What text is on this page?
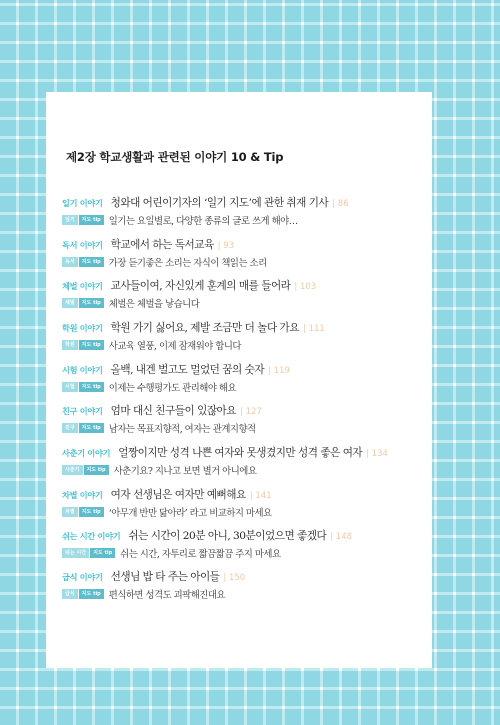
제2장 학교생활과 관련된 이야기 10 & Tip
일기 이야기 청와대 어린이기자의 ‘일기 지도’에 관한 취재 기사 | 86
일기	지도 tip 일기는 요일별로, 다양한 종류의 글로 쓰게 해야…
독서 이야기 학교에서 하는 독서교육 | 93
독서	지도 tip 가장 듣기좋은 소리는 자식이 책읽는 소리
체벌 이야기 교사들이여, 자신있게 훈계의 매를 들어라 | 103
체벌	지도 tip 체벌은 체벌을 낳습니다
학원 이야기 학원 가기 싫어요, 제발 조금만 더 놀다 가요 | 111
학원	지도 tip 사교육 열풍, 이제 잠재워야 합니다
시험 이야기 올백, 내겐 벌고도 멀었던 꿈의 숫자 | 119
시험	지도 tip 이제는 수행평가도 관리해야 해요
친구 이야기 엄마 대신 친구들이 있잖아요 | 127
친구	지도 tip 남자는 목표지향적, 여자는 관계지향적
사춘기 이야기 얼짱이지만 성격 나쁜 여자와 못생겼지만 성격 좋은 여자 | 134
사춘기	지도 tip 사춘기요? 지나고 보면 별거 아니에요
차별 이야기 여자 선생님은 여자만 예뻐해요 | 141
차별	지도 tip ‘아무개 반만 닮아라’ 라고 비교하지 마세요
쉬는 시간 이야기 쉬는 시간이 20분 아니, 30분이었으면 좋겠다 | 148
쉬는 시간	지도 tip 쉬는 시간, 자투리로 짧끔짧끔 주지 마세요
급식 이야기 선생님 밥 타 주는 아이들 | 150
급식	지도 tip 편식하면 성격도 괴팍해진대요
